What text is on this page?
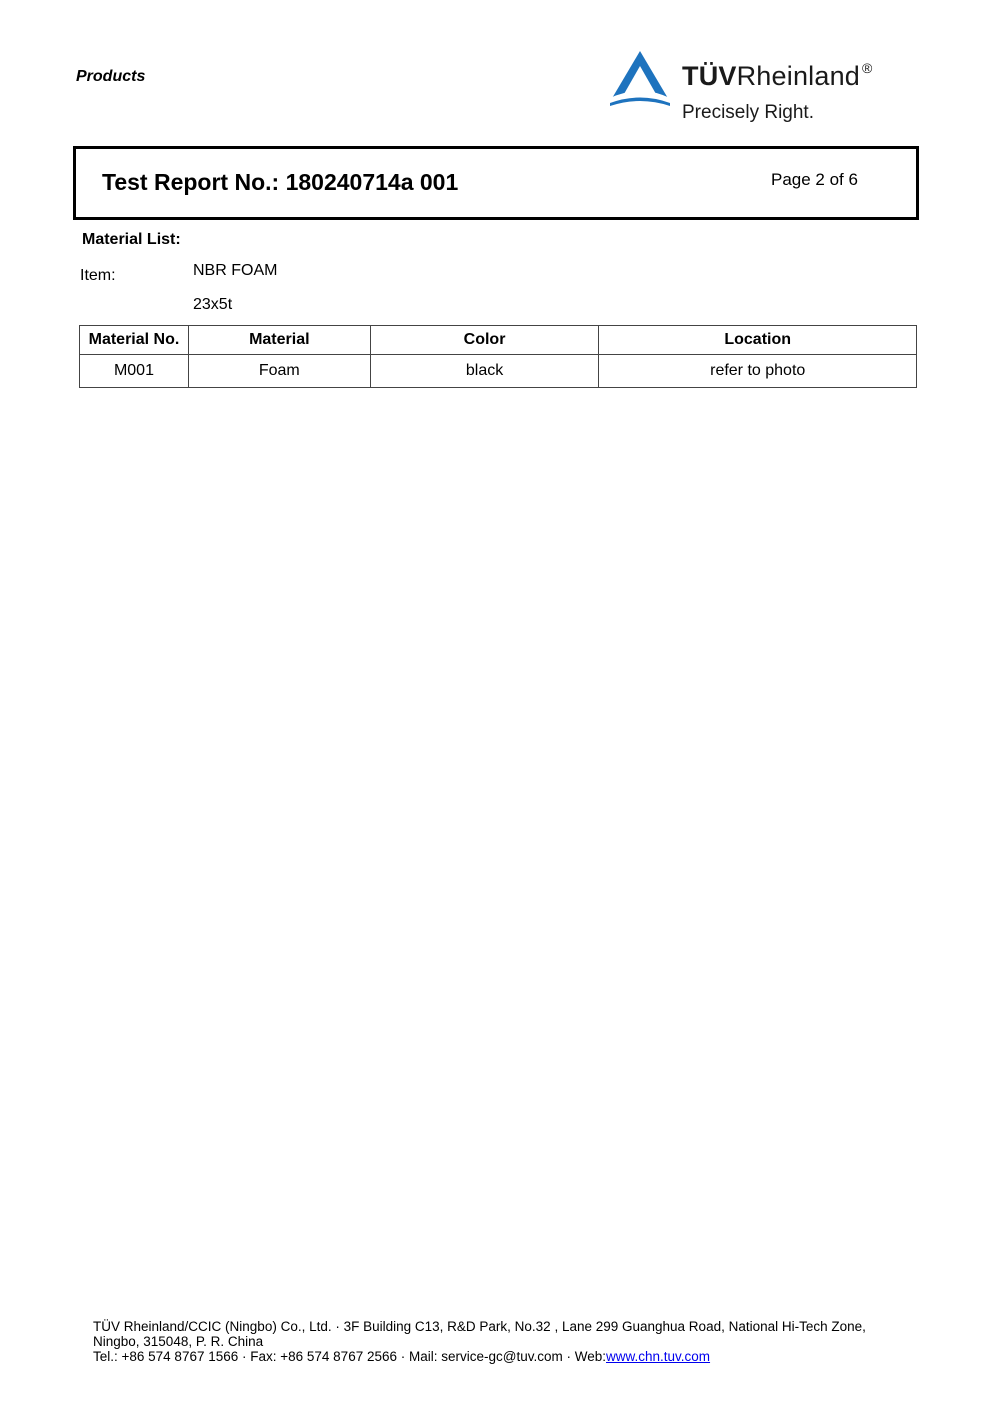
Products	TÜVRheinland ®
Precisely Right.
Test Report No.: 180240714a 001	Page 2 of 6
Material List:
Item:	NBR FOAM
23x5t
Material No.	Material	Color	Location
M001	Foam	black	refer to photo
TÜV Rheinland/CCIC (Ningbo) Co., Ltd. · 3F Building C13, R&D Park, No.32 , Lane 299 Guanghua Road, National Hi-Tech Zone,
Ningbo, 315048, P. R. China
Tel.: +86 574 8767 1566 · Fax: +86 574 8767 2566 · Mail: service-gc@tuv.com · Web:www.chn.tuv.com
